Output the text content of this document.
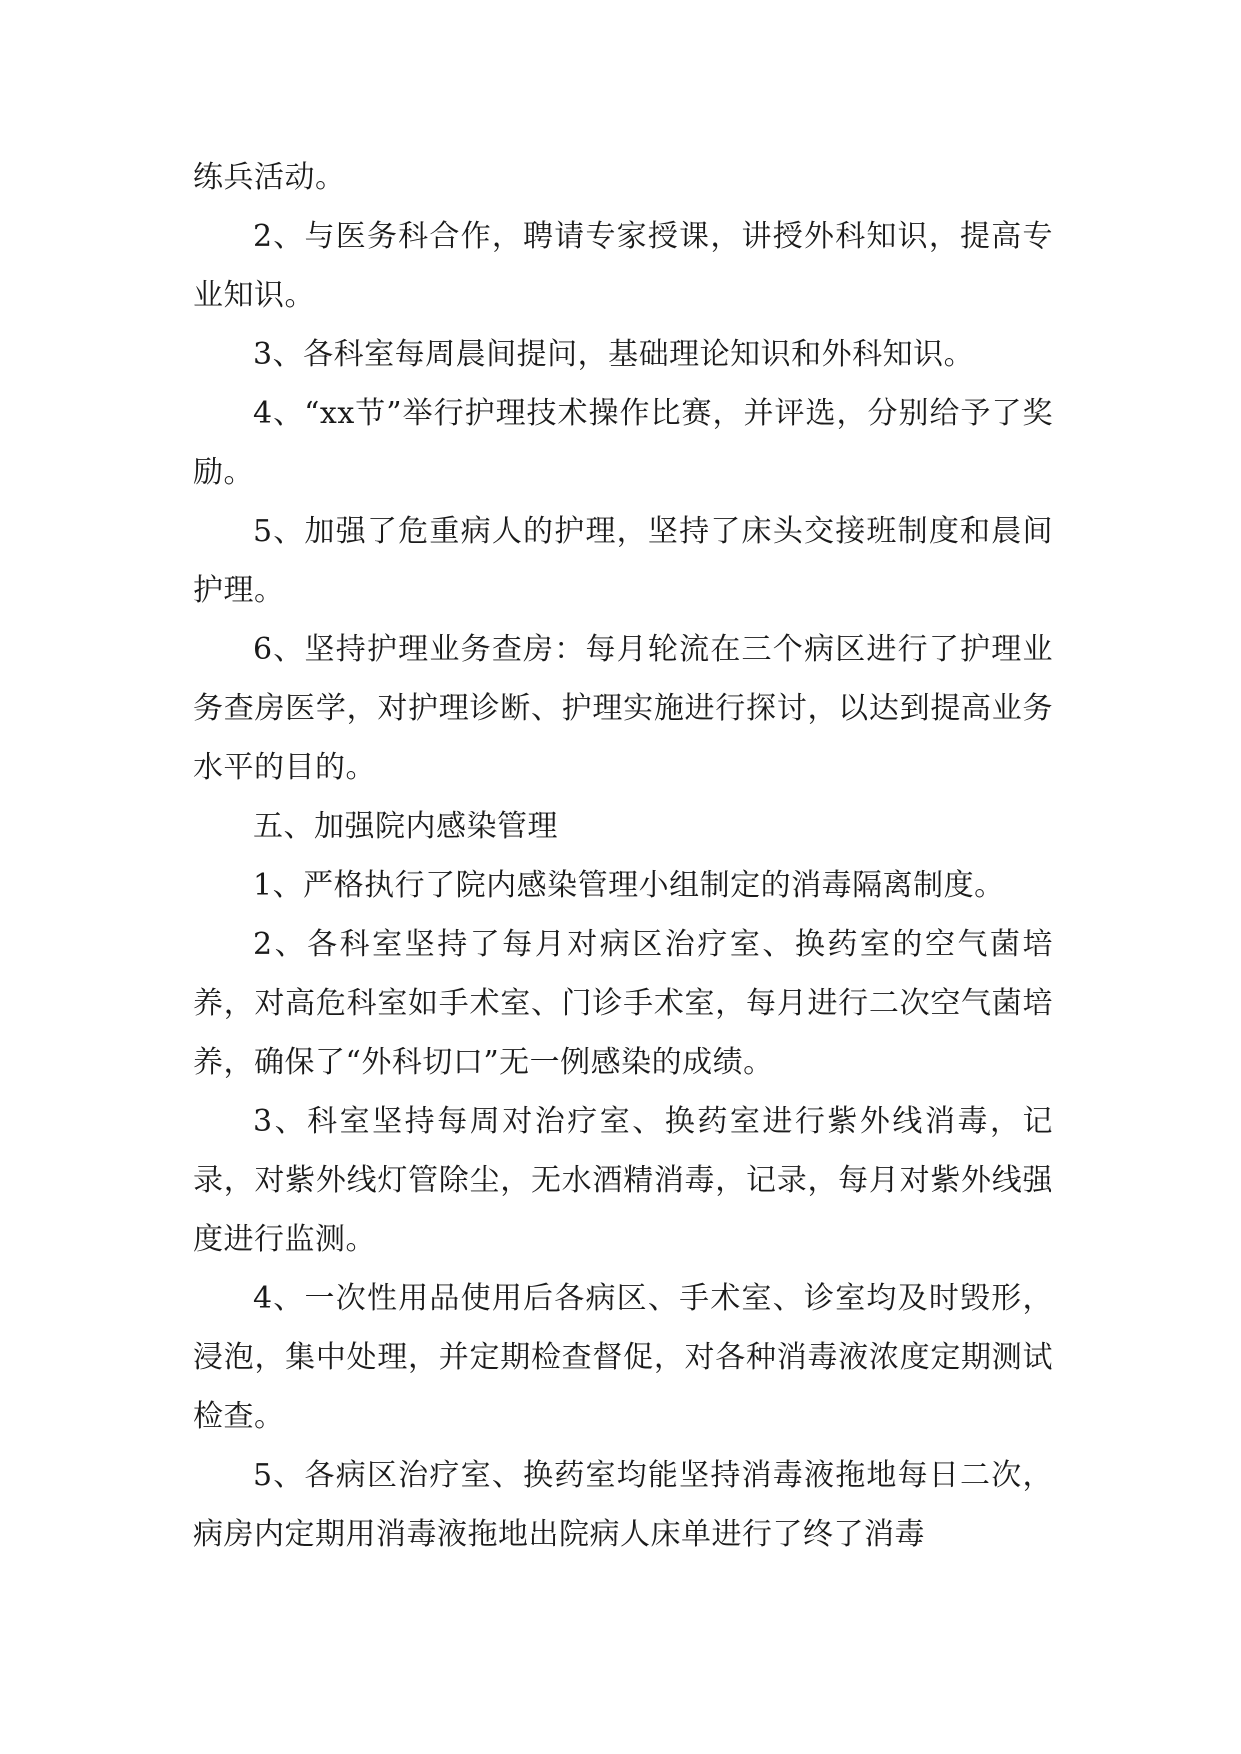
练兵活动。

2、与医务科合作，聘请专家授课，讲授外科知识，提高专业知识。

3、各科室每周晨间提问，基础理论知识和外科知识。

4、“xx节”举行护理技术操作比赛，并评选，分别给予了奖励。

5、加强了危重病人的护理，坚持了床头交接班制度和晨间护理。

6、坚持护理业务查房：每月轮流在三个病区进行了护理业务查房医学，对护理诊断、护理实施进行探讨，以达到提高业务水平的目的。

五、加强院内感染管理

1、严格执行了院内感染管理小组制定的消毒隔离制度。

2、各科室坚持了每月对病区治疗室、换药室的空气菌培养，对高危科室如手术室、门诊手术室，每月进行二次空气菌培养，确保了“外科切口”无一例感染的成绩。

3、科室坚持每周对治疗室、换药室进行紫外线消毒，记录，对紫外线灯管除尘，无水酒精消毒，记录，每月对紫外线强度进行监测。

4、一次性用品使用后各病区、手术室、诊室均及时毁形，浸泡，集中处理，并定期检查督促，对各种消毒液浓度定期测试检查。

5、各病区治疗室、换药室均能坚持消毒液拖地每日二次，病房内定期用消毒液拖地出院病人床单进行了终了消毒
